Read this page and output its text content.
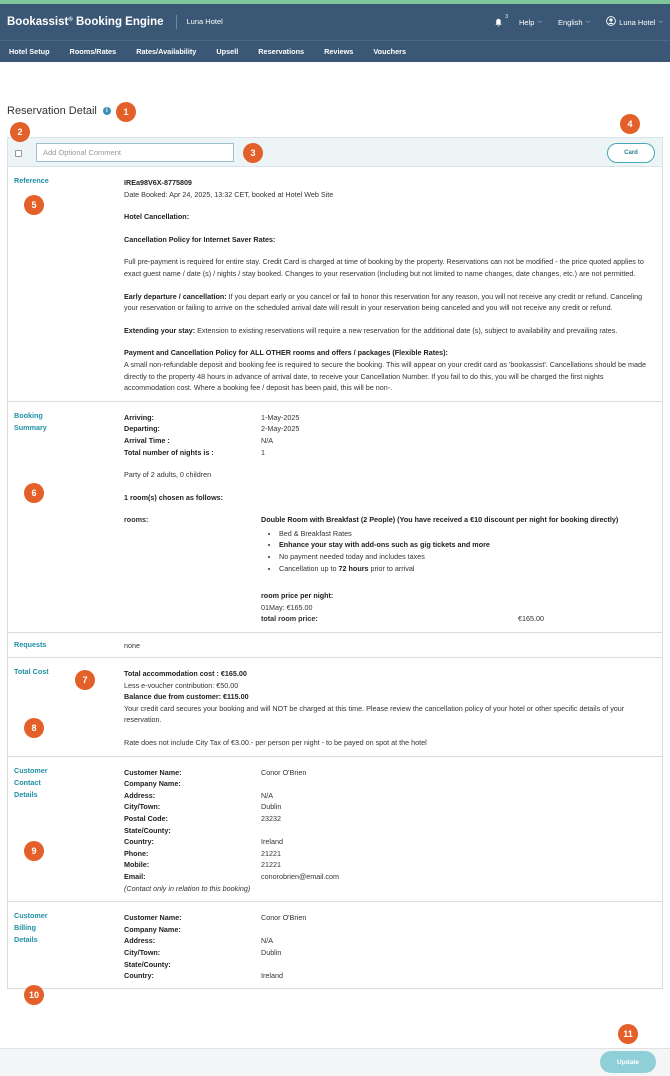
Bookassist® Booking Engine	Luna Hotel
$^3$
Help ⌵ English ⌵	Luna Hotel ⌵
Hotel Setup	Rooms/Rates	Rates/Availability	Upsell	Reservations	Reviews	Vouchers
Reservation Detail	i
Add Optional Comment
Card
Reference	IREa98V6X-8775809
Date Booked: Apr 24, 2025, 13:32 CET, booked at Hotel Web Site
Hotel Cancellation:
Cancellation Policy for Internet Saver Rates:
Full pre-payment is required for entire stay. Credit Card is charged at time of booking by the property. Reservations can not be modified - the price quoted applies to exact guest name / date (s) / nights / stay booked. Changes to your reservation (including but not limited to name changes, date changes, etc.) are not permitted.
Early departure / cancellation: If you depart early or you cancel or fail to honor this reservation for any reason, you will not receive any credit or refund. Canceling your reservation or failing to arrive on the scheduled arrival date will result in your reservation being canceled and you will not receive any credit or refund.
Extending your stay: Extension to existing reservations will require a new reservation for the additional date (s), subject to availability and prevailing rates.
Payment and Cancellation Policy for ALL OTHER rooms and offers / packages (Flexible Rates):
A small non-refundable deposit and booking fee is required to secure the booking. This will appear on your credit card as 'bookassist'. Cancellations should be made directly to the property 48 hours in advance of arrival date, to receive your Cancellation Number. If you fail to do this, you will be charged the first nights accommodation cost. Where a booking fee / deposit has been paid, this will be non-.
Booking
Summary
Arriving:	1-May-2025
Departing:	2-May-2025
Arrival Time :	N/A
Total number of nights is :	1
Party of 2 adults, 0 children
1 room(s) chosen as follows:
rooms:	Double Room with Breakfast (2 People) (You have received a €10 discount per night for booking directly)
• Bed & Breakfast Rates
• Enhance your stay with add-ons such as gig tickets and more
• No payment needed today and includes taxes
• Cancellation up to 72 hours prior to arrival
room price per night:
01May: €165.00
total room price:	€165.00
Requests	none
Total Cost	Total accommodation cost : €165.00
Less e-voucher contribution: €50.00
Balance due from customer: €115.00
Your credit card secures your booking and will NOT be charged at this time. Please review the cancellation policy of your hotel or other specific details of your reservation.
Rate does not include City Tax of €3.00.- per person per night - to be payed on spot at the hotel
Customer
Contact
Details
Customer Name:	Conor O'Brien
Company Name:
Address:	N/A
City/Town:	Dublin
Postal Code:	23232
State/County:
Country:	Ireland
Phone:	21221
Mobile:	21221
Email:	conorobrien@email.com
(Contact only in relation to this booking)
Customer
Billing
Details
Customer Name:	Conor O'Brien
Company Name:
Address:	N/A
City/Town:	Dublin
State/County:
Country:	Ireland
Update
1
2
3
4
5
6
7
8
9
10
11
